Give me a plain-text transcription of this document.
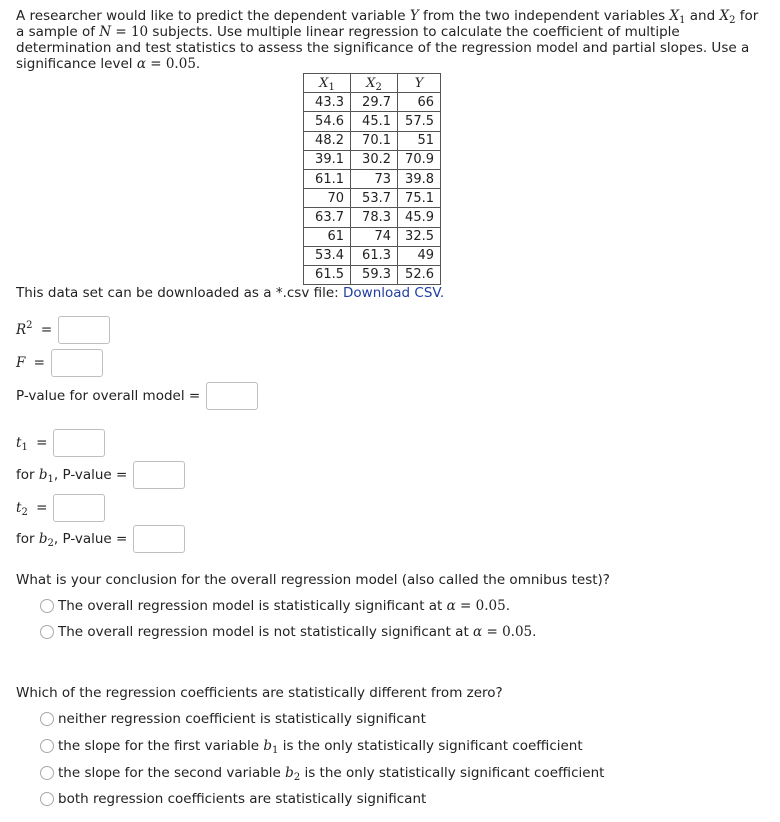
A researcher would like to predict the dependent variable Y from the two independent variables $X_1$ and $X_2$ for a sample of N = 10 subjects. Use multiple linear regression to calculate the coefficient of multiple determination and test statistics to assess the significance of the regression model and partial slopes. Use a significance level α = 0.05.

$X_1$	$X_2$	Y
43.3	29.7	66
54.6	45.1	57.5
48.2	70.1	51
39.1	30.2	70.9
61.1	73	39.8
70	53.7	75.1
63.7	78.3	45.9
61	74	32.5
53.4	61.3	49
61.5	59.3	52.6
This data set can be downloaded as a *.csv file: Download CSV.
$R^2$ =
F =
P-value for overall model =
$t_1$ =
for $b_1$, P-value =
$t_2$ =
for $b_2$, P-value =
What is your conclusion for the overall regression model (also called the omnibus test)?
The overall regression model is statistically significant at α = 0.05.
The overall regression model is not statistically significant at α = 0.05.
Which of the regression coefficients are statistically different from zero?
neither regression coefficient is statistically significant
the slope for the first variable $b_1$ is the only statistically significant coefficient
the slope for the second variable $b_2$ is the only statistically significant coefficient
both regression coefficients are statistically significant
